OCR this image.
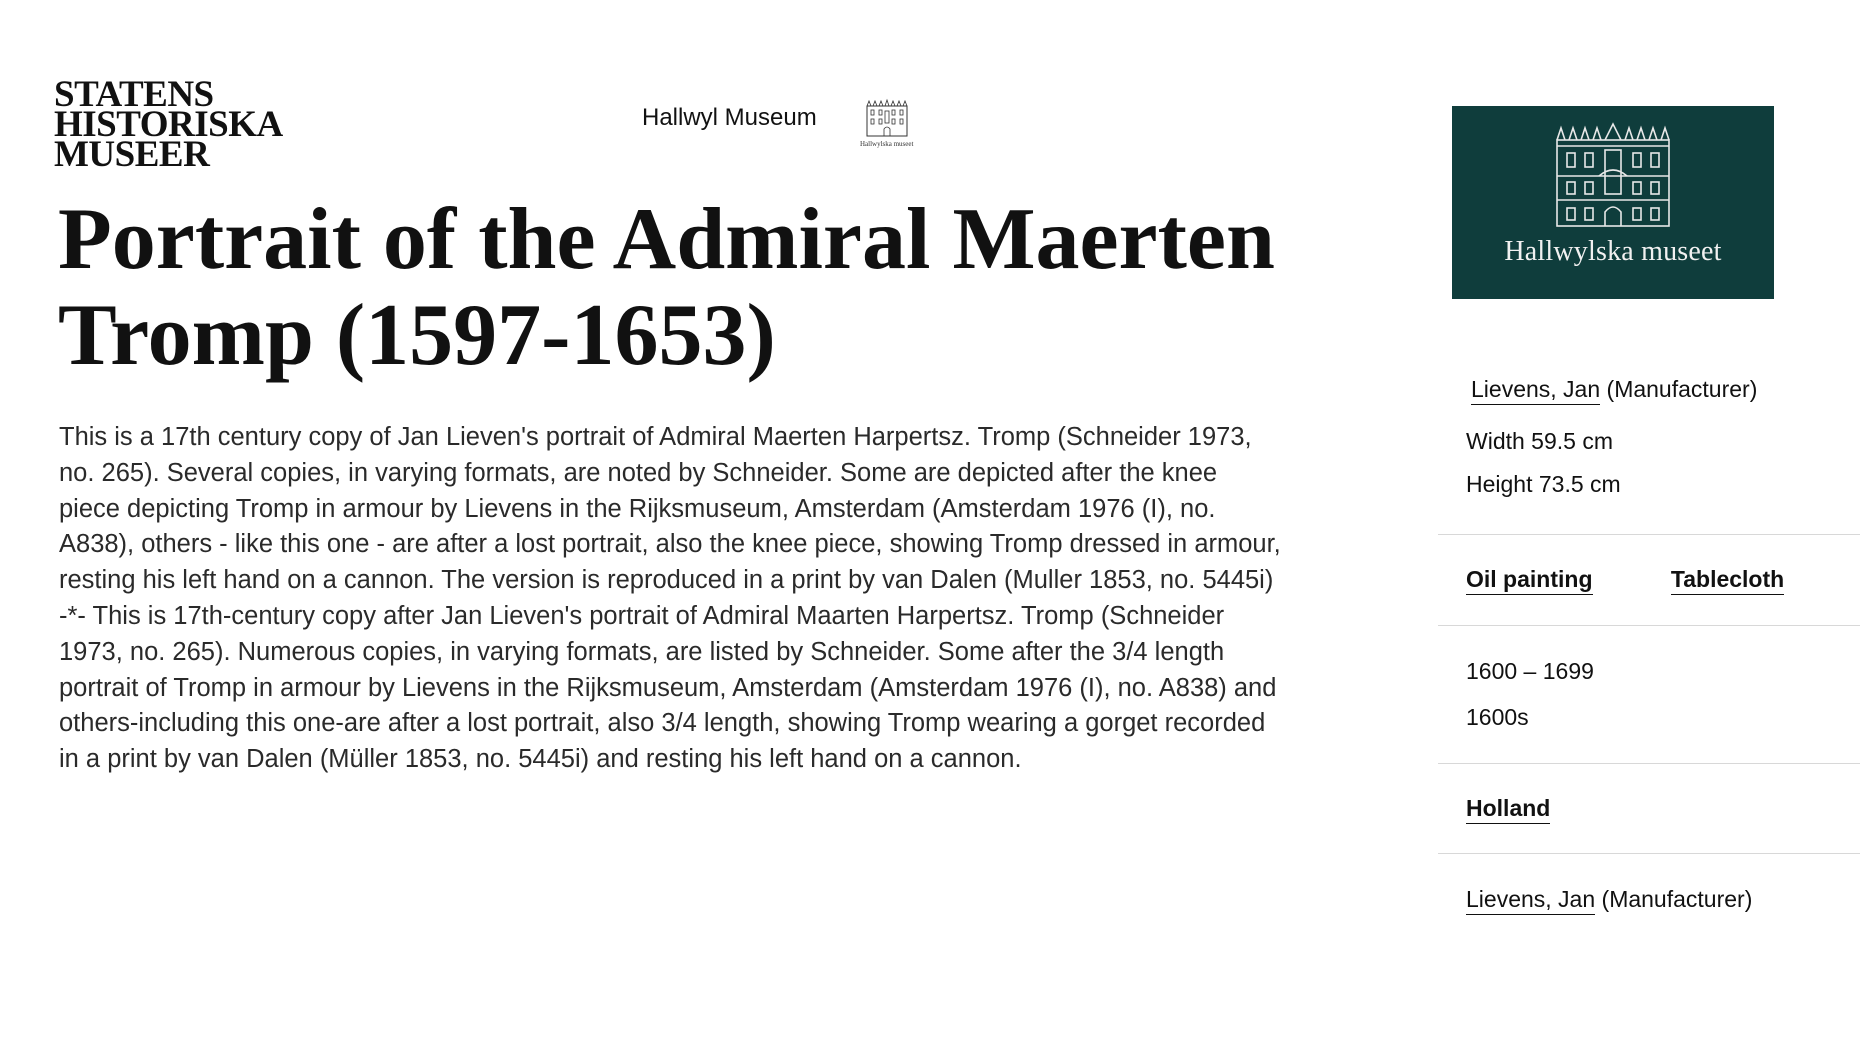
STATENS
HISTORISKA
MUSEER
Hallwyl Museum
Hallwylska museet
Portrait of the Admiral Maerten Tromp (1597-1653)

This is a 17th century copy of Jan Lieven's portrait of Admiral Maerten Harpertsz. Tromp (Schneider 1973, no. 265). Several copies, in varying formats, are noted by Schneider. Some are depicted after the knee piece depicting Tromp in armour by Lievens in the Rijksmuseum, Amsterdam (Amsterdam 1976 (I), no. A838), others - like this one - are after a lost portrait, also the knee piece, showing Tromp dressed in armour, resting his left hand on a cannon. The version is reproduced in a print by van Dalen (Muller 1853, no. 5445i) -*- This is 17th-century copy after Jan Lieven's portrait of Admiral Maarten Harpertsz. Tromp (Schneider 1973, no. 265). Numerous copies, in varying formats, are listed by Schneider. Some after the 3/4 length portrait of Tromp in armour by Lievens in the Rijksmuseum, Amsterdam (Amsterdam 1976 (I), no. A838) and others-including this one-are after a lost portrait, also 3/4 length, showing Tromp wearing a gorget recorded in a print by van Dalen (Müller 1853, no. 5445i) and resting his left hand on a cannon.

Hallwylska museet
Lievens, Jan (Manufacturer)
Width 59.5 cm
Height 73.5 cm
Oil painting	Tablecloth
1600 – 1699
1600s
Holland
Lievens, Jan (Manufacturer)
